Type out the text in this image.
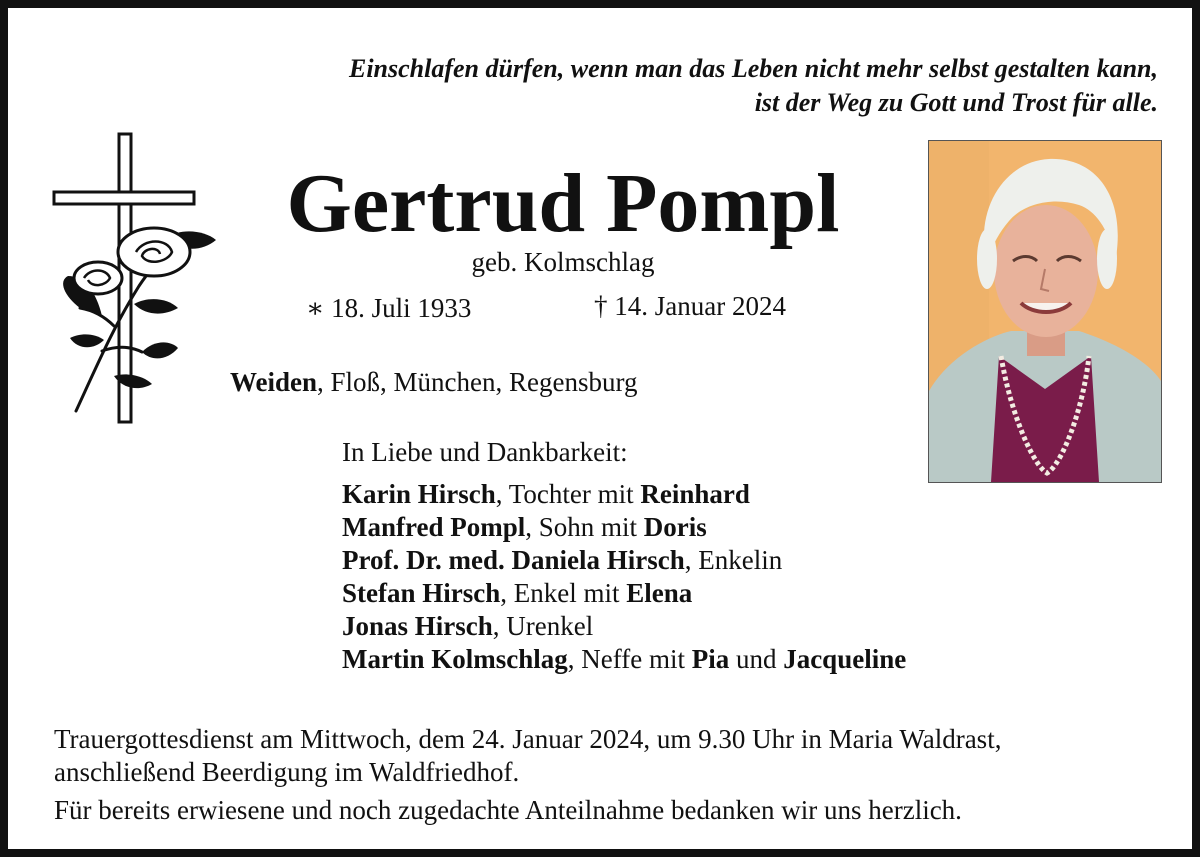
Einschlafen dürfen, wenn man das Leben nicht mehr selbst gestalten kann,
ist der Weg zu Gott und Trost für alle.

Gertrud Pompl
geb. Kolmschlag
∗ 18. Juli 1933	† 14. Januar 2024
Weiden, Floß, München, Regensburg
In Liebe und Dankbarkeit:
Karin Hirsch, Tochter mit Reinhard
Manfred Pompl, Sohn mit Doris
Prof. Dr. med. Daniela Hirsch, Enkelin
Stefan Hirsch, Enkel mit Elena
Jonas Hirsch, Urenkel
Martin Kolmschlag, Neffe mit Pia und Jacqueline

Trauergottesdienst am Mittwoch, dem 24. Januar 2024, um 9.30 Uhr in Maria Waldrast,
anschließend Beerdigung im Waldfriedhof.

Für bereits erwiesene und noch zugedachte Anteilnahme bedanken wir uns herzlich.
